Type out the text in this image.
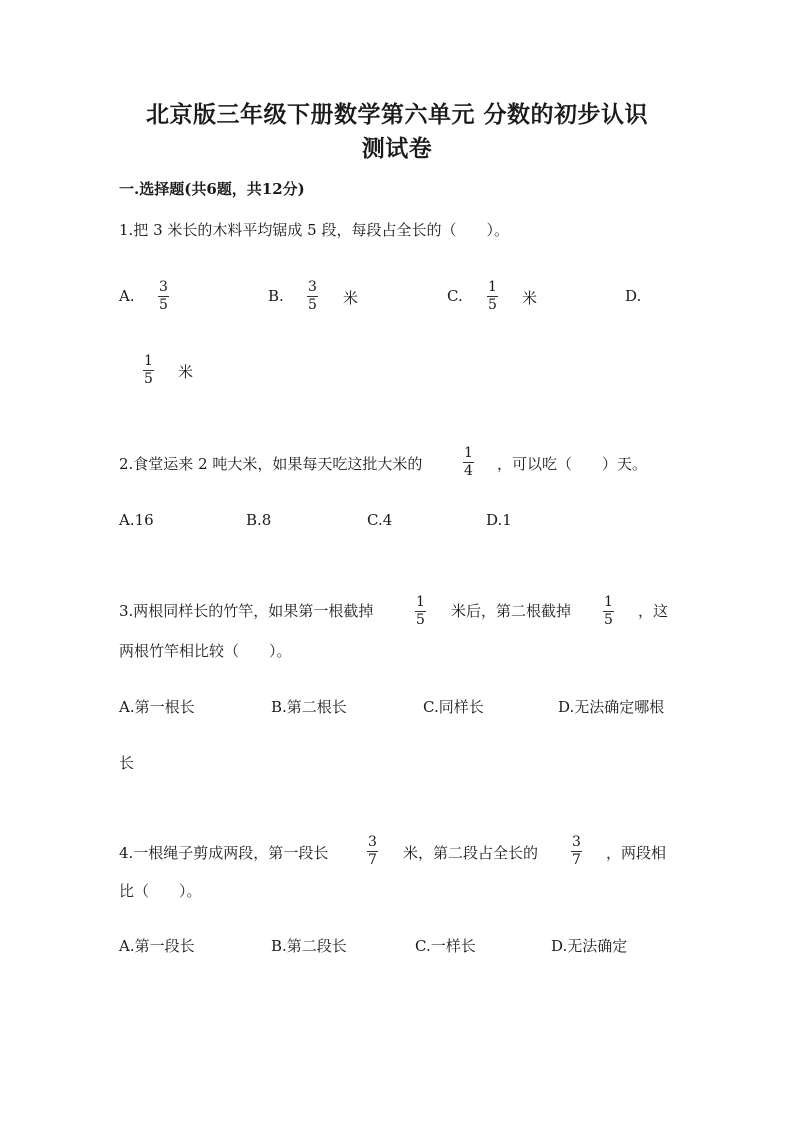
北京版三年级下册数学第六单元 分数的初步认识
测试卷
一.选择题(共6题，共12分)
1.把 3 米长的木料平均锯成 5 段，每段占全长的（　　）。
A. 3
5	B. 3
5 米	C. 1
5 米	D.
1
5 米
2.食堂运来 2 吨大米，如果每天吃这批大米的
1
4 ，可以吃（　　）天。
A.16	B.8	C.4	D.1
3.两根同样长的竹竿，如果第一根截掉	1
5 米后，第二根截掉 1
5 ，这
两根竹竿相比较（　　）。
A.第一根长	B.第二根长	C.同样长	D.无法确定哪根
长
4.一根绳子剪成两段，第一段长
3
7 米，第二段占全长的
3
7 ，两段相
比（　　）。
A.第一段长	B.第二段长	C.一样长	D.无法确定
